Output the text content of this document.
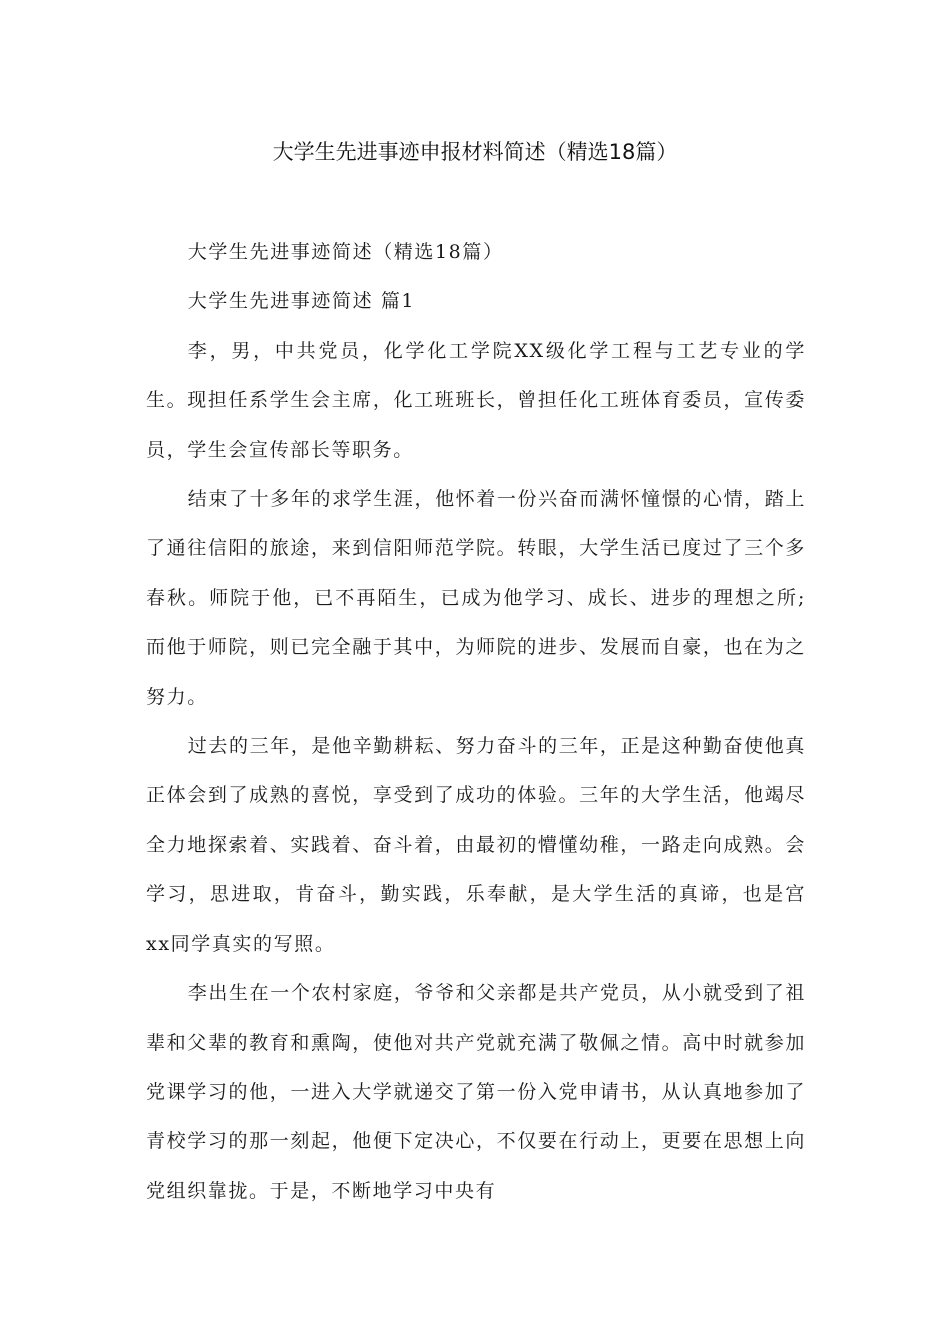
大学生先进事迹申报材料简述（精选18篇）

大学生先进事迹简述（精选18篇）

大学生先进事迹简述 篇1

李，男，中共党员，化学化工学院XX级化学工程与工艺专业的学生。现担任系学生会主席，化工班班长，曾担任化工班体育委员，宣传委员，学生会宣传部长等职务。

结束了十多年的求学生涯，他怀着一份兴奋而满怀憧憬的心情，踏上了通往信阳的旅途，来到信阳师范学院。转眼，大学生活已度过了三个多春秋。师院于他，已不再陌生，已成为他学习、成长、进步的理想之所;而他于师院，则已完全融于其中，为师院的进步、发展而自豪，也在为之努力。

过去的三年，是他辛勤耕耘、努力奋斗的三年，正是这种勤奋使他真正体会到了成熟的喜悦，享受到了成功的体验。三年的大学生活，他竭尽全力地探索着、实践着、奋斗着，由最初的懵懂幼稚，一路走向成熟。会学习，思进取，肯奋斗，勤实践，乐奉献，是大学生活的真谛，也是宫xx同学真实的写照。

李出生在一个农村家庭，爷爷和父亲都是共产党员，从小就受到了祖辈和父辈的教育和熏陶，使他对共产党就充满了敬佩之情。高中时就参加党课学习的他，一进入大学就递交了第一份入党申请书，从认真地参加了青校学习的那一刻起，他便下定决心，不仅要在行动上，更要在思想上向党组织靠拢。于是，不断地学习中央有
